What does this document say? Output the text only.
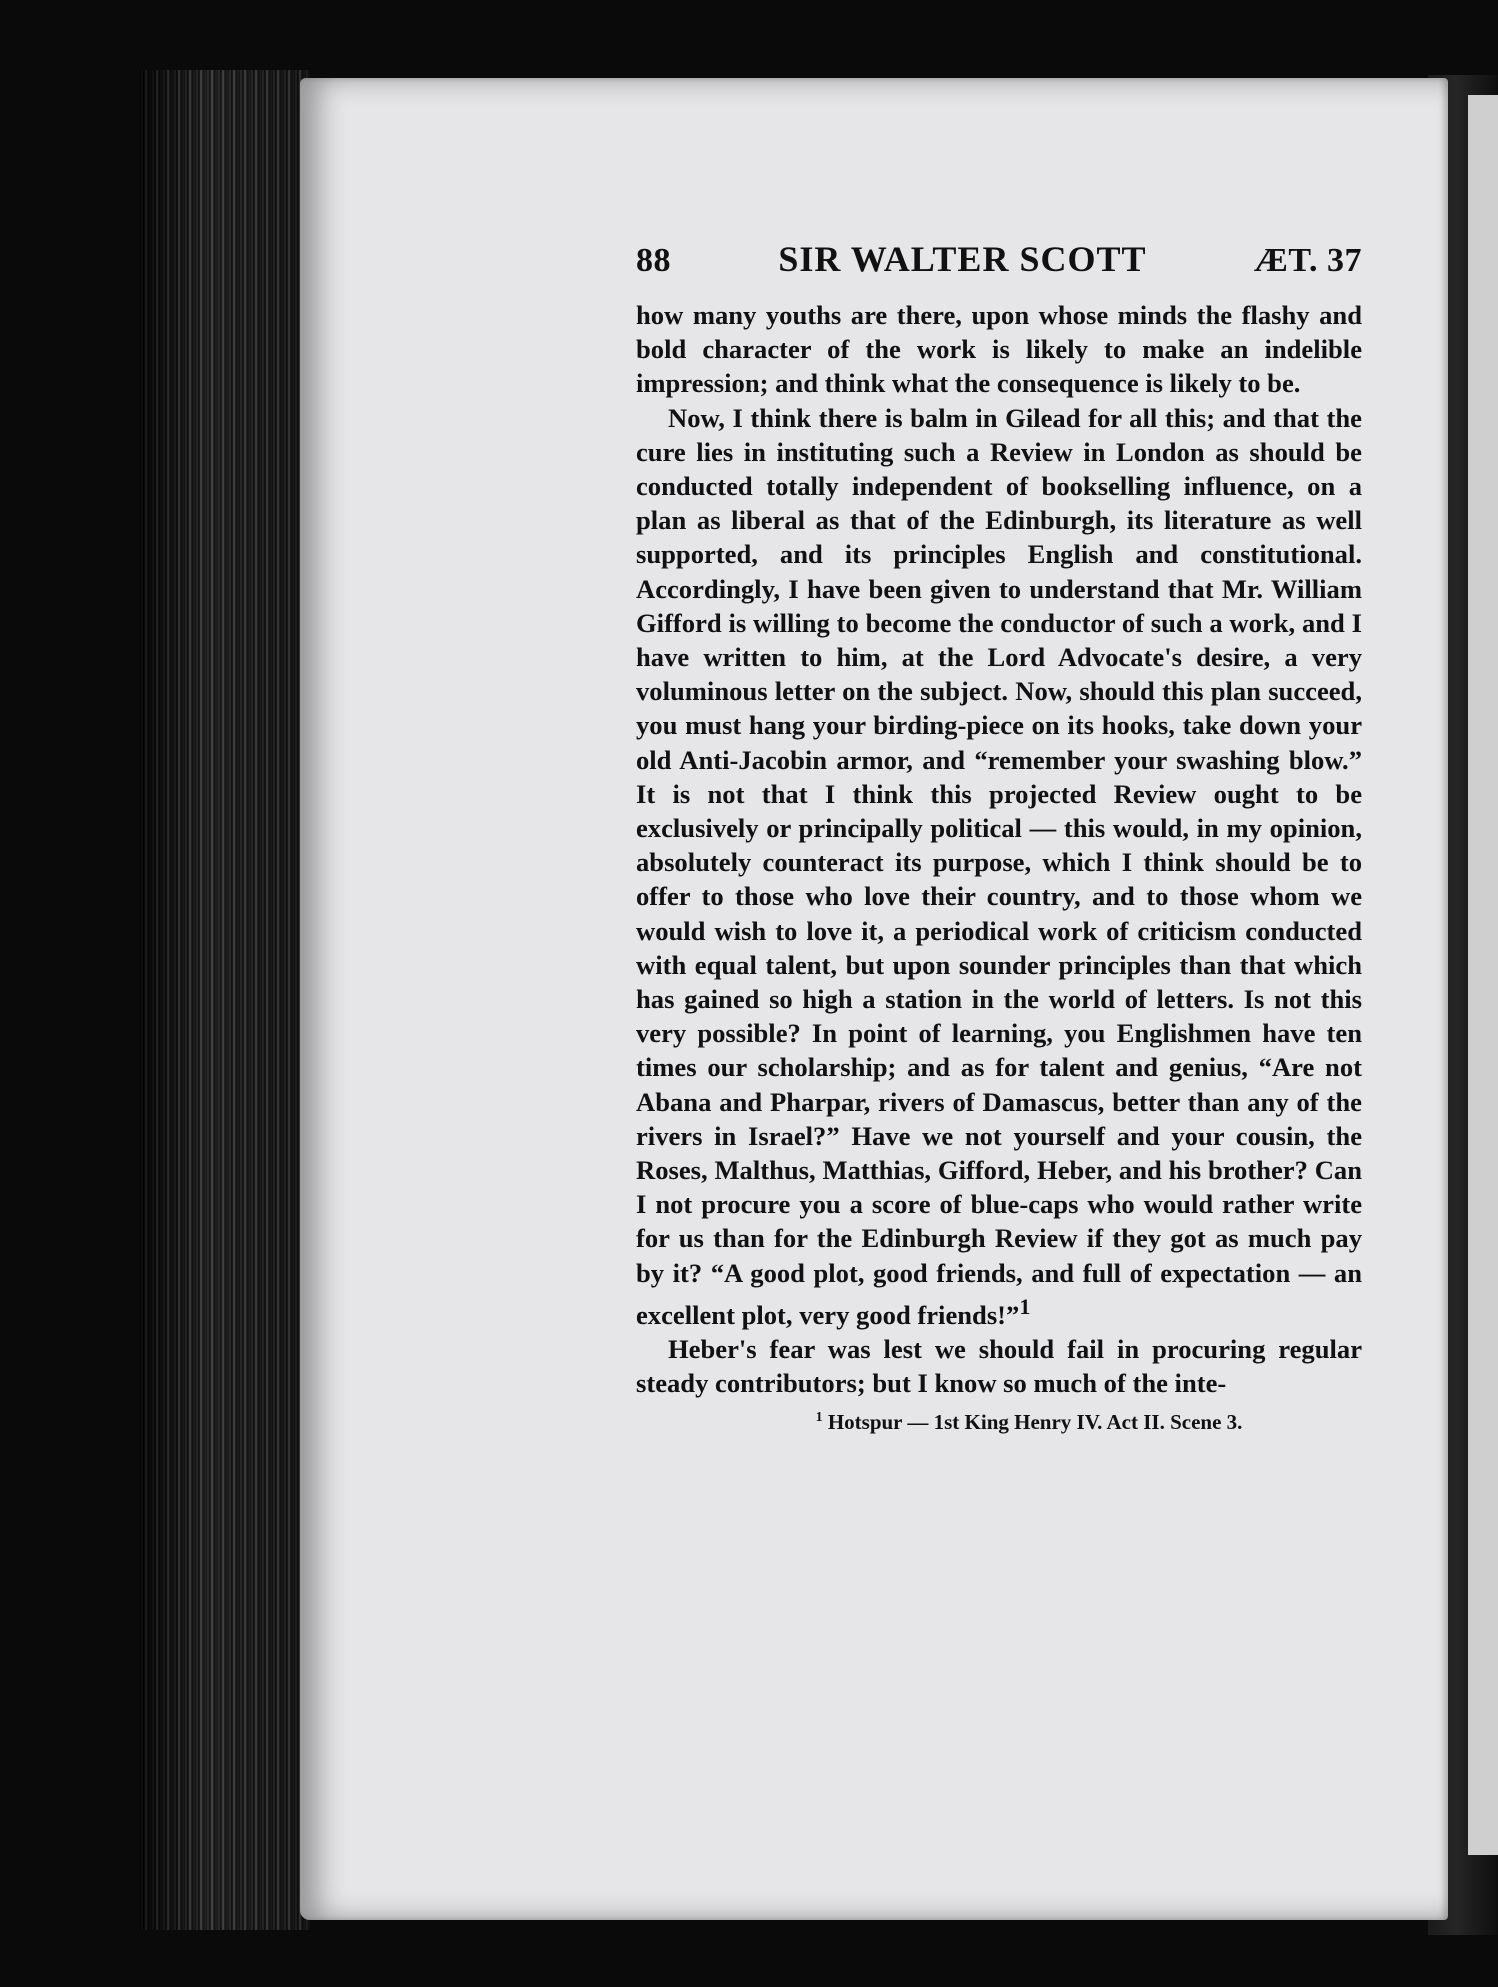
88	SIR WALTER SCOTT	ÆT. 37

how many youths are there, upon whose minds the flashy and bold character of the work is likely to make an indelible impression; and think what the consequence is likely to be.

Now, I think there is balm in Gilead for all this; and that the cure lies in instituting such a Review in London as should be conducted totally independent of bookselling influence, on a plan as liberal as that of the Edinburgh, its literature as well supported, and its principles English and constitutional. Accordingly, I have been given to understand that Mr. William Gifford is willing to become the conductor of such a work, and I have written to him, at the Lord Advocate's desire, a very voluminous letter on the subject. Now, should this plan succeed, you must hang your birding-piece on its hooks, take down your old Anti-Jacobin armor, and “remember your swashing blow.” It is not that I think this projected Review ought to be exclusively or principally political — this would, in my opinion, absolutely counteract its purpose, which I think should be to offer to those who love their country, and to those whom we would wish to love it, a periodical work of criticism conducted with equal talent, but upon sounder principles than that which has gained so high a station in the world of letters. Is not this very possible? In point of learning, you Englishmen have ten times our scholarship; and as for talent and genius, “Are not Abana and Pharpar, rivers of Damascus, better than any of the rivers in Israel?” Have we not yourself and your cousin, the Roses, Malthus, Matthias, Gifford, Heber, and his brother? Can I not procure you a score of blue-caps who would rather write for us than for the Edinburgh Review if they got as much pay by it? “A good plot, good friends, and full of expectation — an excellent plot, very good friends!”$^1$

Heber's fear was lest we should fail in procuring regular steady contributors; but I know so much of the inte-

$^1$ Hotspur — 1st King Henry IV. Act II. Scene 3.
